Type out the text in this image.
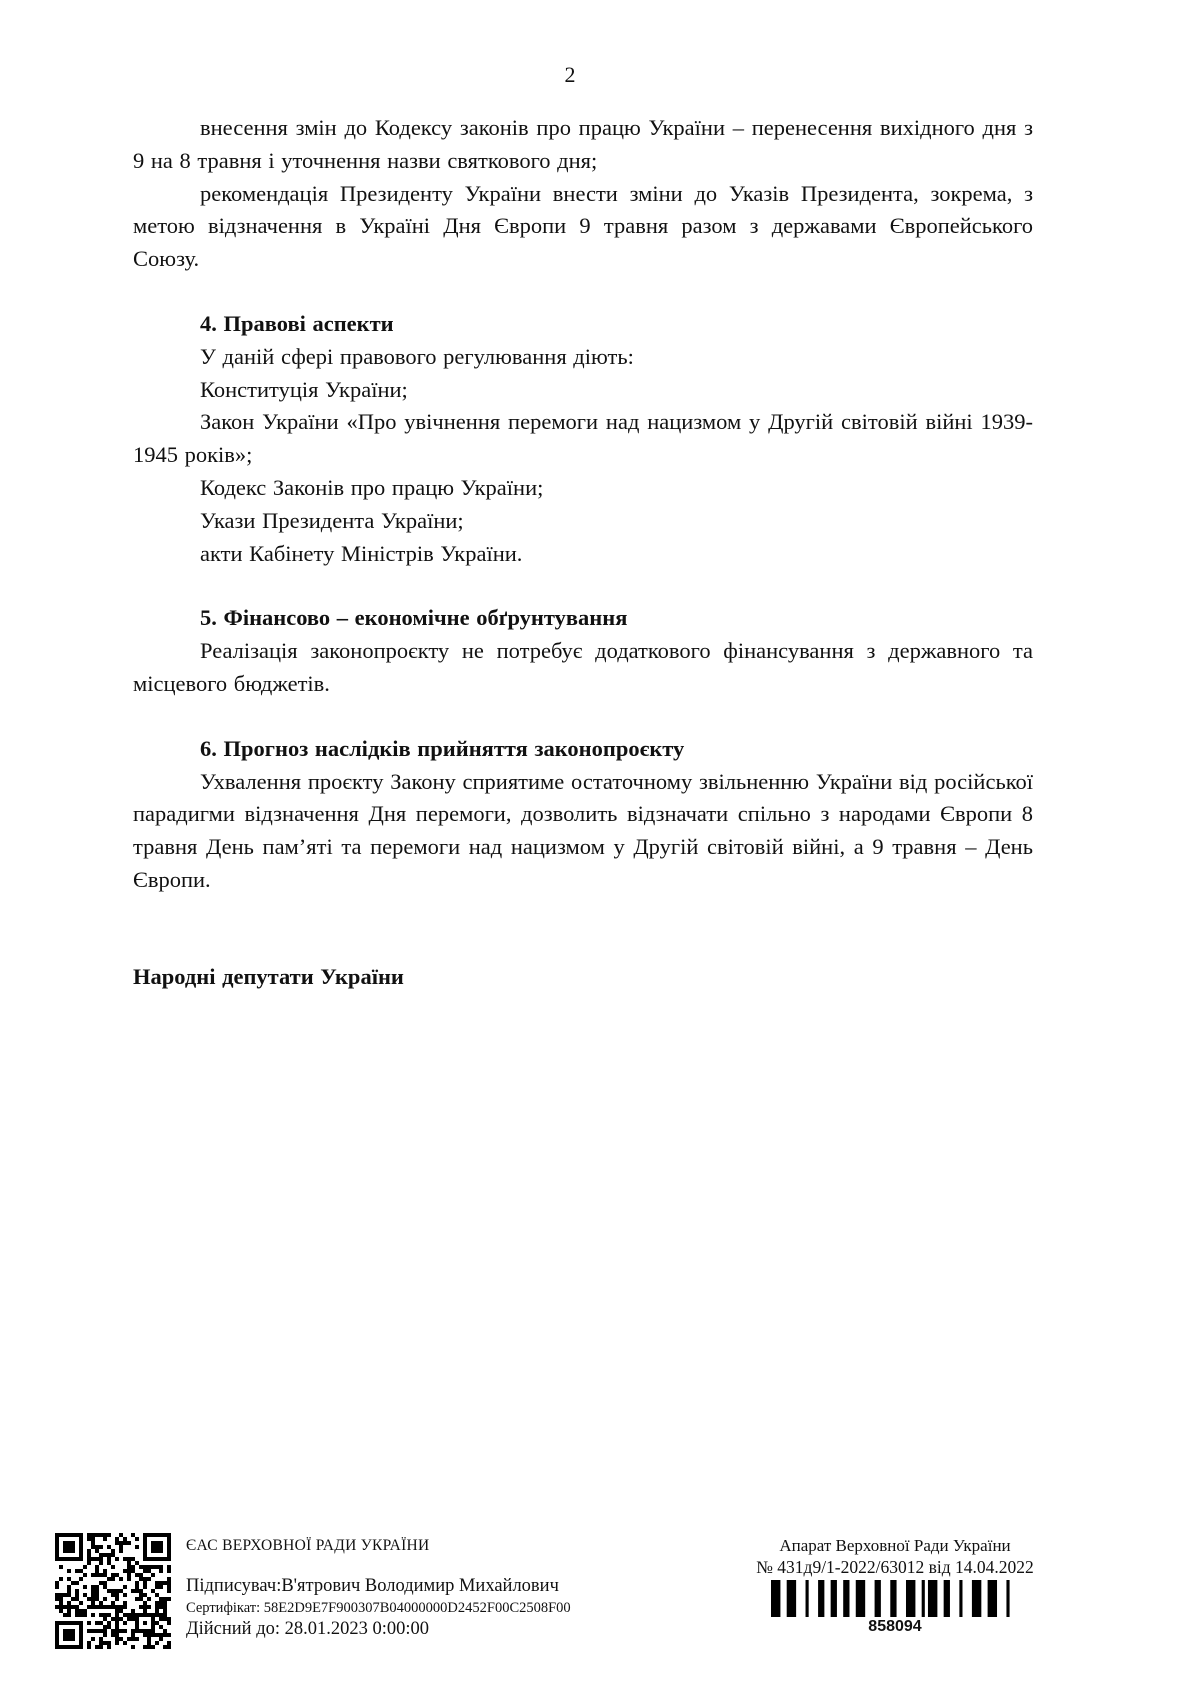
2

внесення змін до Кодексу законів про працю України – перенесення вихідного дня з 9 на 8 травня і уточнення назви святкового дня;

рекомендація Президенту України внести зміни до Указів Президента, зокрема, з метою відзначення в Україні Дня Європи 9 травня разом з державами Європейського Союзу.

4. Правові аспекти

У даній сфері правового регулювання діють:

Конституція України;

Закон України «Про увічнення перемоги над нацизмом у Другій світовій війні 1939-1945 років»;

Кодекс Законів про працю України;

Укази Президента України;

акти Кабінету Міністрів України.

5. Фінансово – економічне обґрунтування

Реалізація законопроєкту не потребує додаткового фінансування з державного та місцевого бюджетів.

6. Прогноз наслідків прийняття законопроєкту

Ухвалення проєкту Закону сприятиме остаточному звільненню України від російської парадигми відзначення Дня перемоги, дозволить відзначати спільно з народами Європи 8 травня День пам’яті та перемоги над нацизмом у Другій світовій війні, а 9 травня – День Європи.

Народні депутати України

ЄАС ВЕРХОВНОЇ РАДИ УКРАЇНИ
Підписувач:В'ятрович Володимир Михайлович
Сертифікат: 58E2D9E7F900307B04000000D2452F00C2508F00
Дійсний до: 28.01.2023 0:00:00
Апарат Верховної Ради України
№ 431д9/1-2022/63012 від 14.04.2022
858094
